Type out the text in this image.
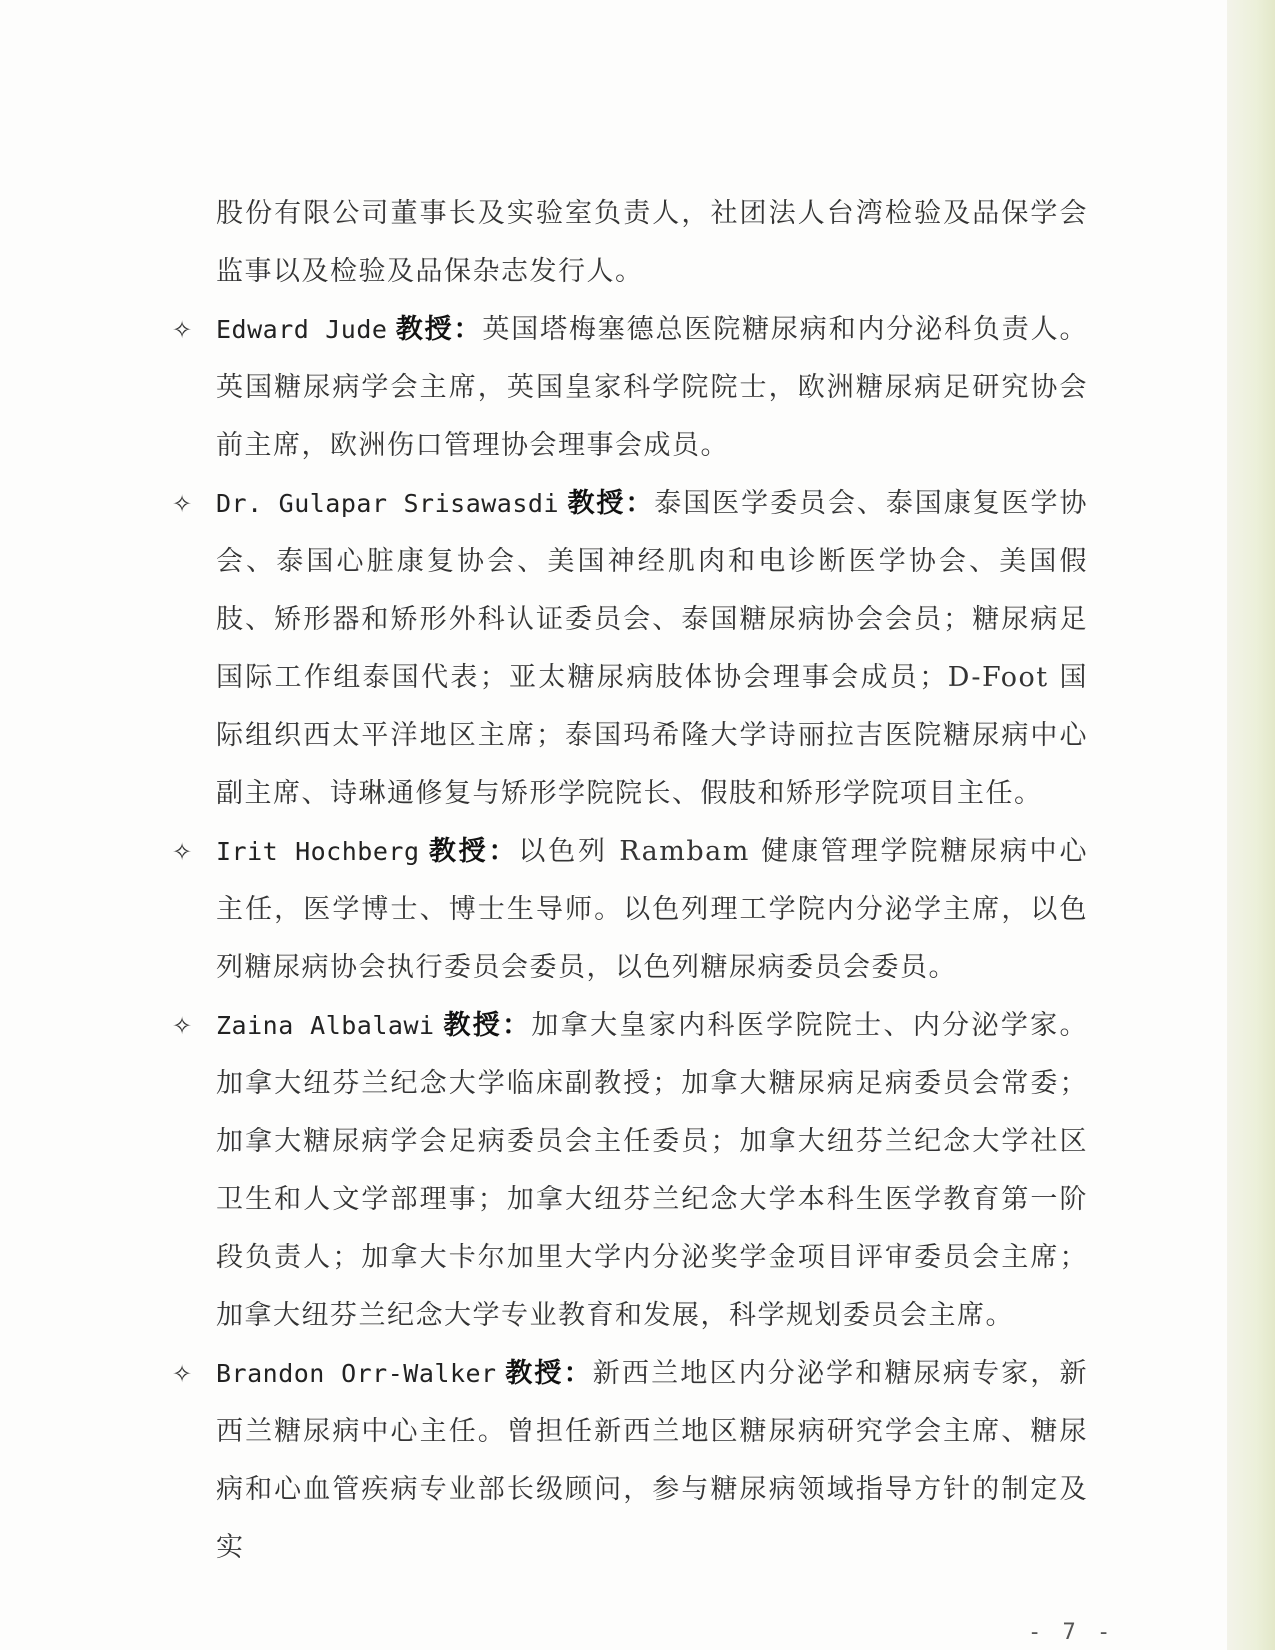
股份有限公司董事长及实验室负责人，社团法人台湾检验及品保学会监事以及检验及品保杂志发行人。
✧ Edward Jude 教授：英国塔梅塞德总医院糖尿病和内分泌科负责人。英国糖尿病学会主席，英国皇家科学院院士，欧洲糖尿病足研究协会前主席，欧洲伤口管理协会理事会成员。
✧ Dr. Gulapar Srisawasdi 教授：泰国医学委员会、泰国康复医学协会、泰国心脏康复协会、美国神经肌肉和电诊断医学协会、美国假肢、矫形器和矫形外科认证委员会、泰国糖尿病协会会员；糖尿病足国际工作组泰国代表；亚太糖尿病肢体协会理事会成员；D-Foot 国际组织西太平洋地区主席；泰国玛希隆大学诗丽拉吉医院糖尿病中心副主席、诗琳通修复与矫形学院院长、假肢和矫形学院项目主任。
✧ Irit Hochberg 教授：以色列 Rambam 健康管理学院糖尿病中心主任，医学博士、博士生导师。以色列理工学院内分泌学主席，以色列糖尿病协会执行委员会委员，以色列糖尿病委员会委员。
✧ Zaina Albalawi 教授：加拿大皇家内科医学院院士、内分泌学家。加拿大纽芬兰纪念大学临床副教授；加拿大糖尿病足病委员会常委；加拿大糖尿病学会足病委员会主任委员；加拿大纽芬兰纪念大学社区卫生和人文学部理事；加拿大纽芬兰纪念大学本科生医学教育第一阶段负责人；加拿大卡尔加里大学内分泌奖学金项目评审委员会主席；加拿大纽芬兰纪念大学专业教育和发展，科学规划委员会主席。
✧ Brandon Orr-Walker 教授：新西兰地区内分泌学和糖尿病专家，新西兰糖尿病中心主任。曾担任新西兰地区糖尿病研究学会主席、糖尿病和心血管疾病专业部长级顾问，参与糖尿病领域指导方针的制定及实
- 7 -
